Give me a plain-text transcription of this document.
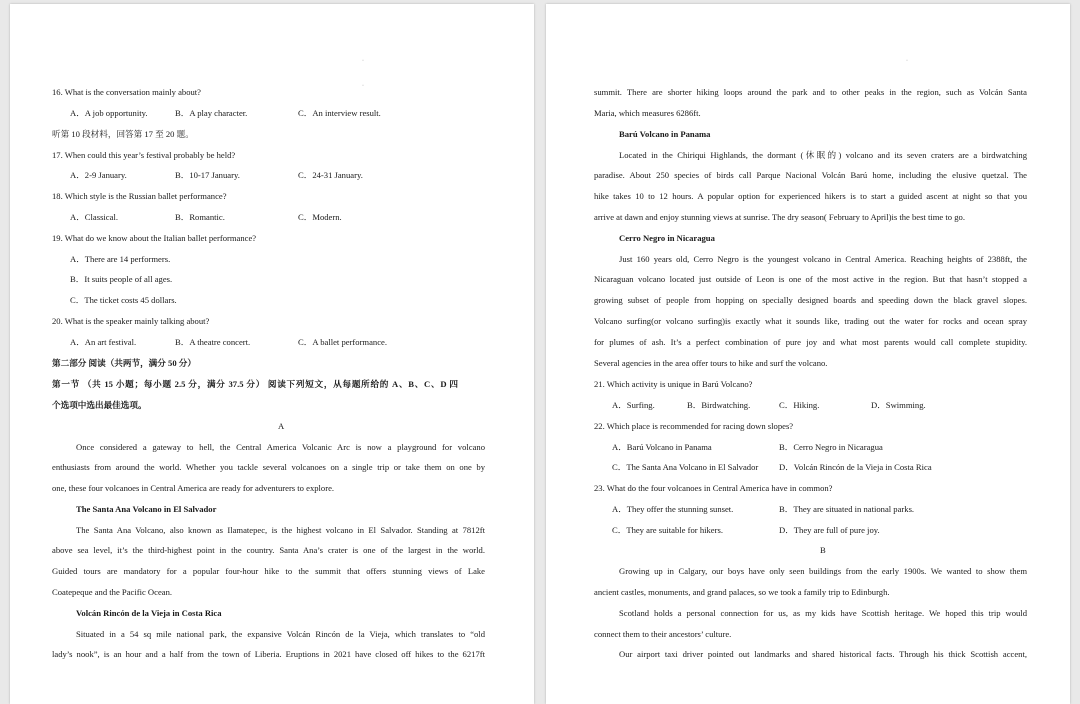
·
·
16. What is the conversation mainly about?
A．A job opportunity.	B．A play character.	C．An interview result.
听第 10 段材料，回答第 17 至 20 题。
17. When could this year’s festival probably be held?
A．2-9 January.	B．10-17 January.	C．24-31 January.
18. Which style is the Russian ballet performance?
A．Classical.	B．Romantic.	C．Modern.
19. What do we know about the Italian ballet performance?
A．There are 14 performers.
B．It suits people of all ages.
C．The ticket costs 45 dollars.
20. What is the speaker mainly talking about?
A．An art festival.	B．A theatre concert.	C．A ballet performance.
第二部分 阅读（共两节，满分 50 分）
第一节 （共 15 小题；每小题 2.5 分，满分 37.5 分） 阅读下列短文，从每题所给的 A、B、C、D 四
个选项中选出最佳选项。
A
Once considered a gateway to hell, the Central America Volcanic Arc is now a playground for volcano
enthusiasts from around the world. Whether you tackle several volcanoes on a single trip or take them on one by
one, these four volcanoes in Central America are ready for adventurers to explore.
The Santa Ana Volcano in El Salvador
The Santa Ana Volcano, also known as Ilamatepec, is the highest volcano in El Salvador. Standing at 7812ft
above sea level, it’s the third-highest point in the country. Santa Ana’s crater is one of the largest in the world.
Guided tours are mandatory for a popular four-hour hike to the summit that offers stunning views of Lake
Coatepeque and the Pacific Ocean.
Volcán Rincón de la Vieja in Costa Rica
Situated in a 54 sq mile national park, the expansive Volcán Rincón de la Vieja, which translates to “old
lady’s nook”, is an hour and a half from the town of Liberia. Eruptions in 2021 have closed off hikes to the 6217ft
·
summit. There are shorter hiking loops around the park and to other peaks in the region, such as Volcán Santa
Maria, which measures 6286ft.
Barú Volcano in Panama
Located in the Chiriqui Highlands, the dormant (休眠的) volcano and its seven craters are a birdwatching
paradise. About 250 species of birds call Parque Nacional Volcán Barú home, including the elusive quetzal. The
hike takes 10 to 12 hours. A popular option for experienced hikers is to start a guided ascent at night so that you
arrive at dawn and enjoy stunning views at sunrise. The dry season( February to April)is the best time to go.
Cerro Negro in Nicaragua
Just 160 years old, Cerro Negro is the youngest volcano in Central America. Reaching heights of 2388ft, the
Nicaraguan volcano located just outside of Leon is one of the most active in the region. But that hasn’t stopped a
growing subset of people from hopping on specially designed boards and speeding down the black gravel slopes.
Volcano surfing(or volcano surfing)is exactly what it sounds like, trading out the water for rocks and ocean spray
for plumes of ash. It’s a perfect combination of pure joy and what most parents would call complete stupidity.
Several agencies in the area offer tours to hike and surf the volcano.
21. Which activity is unique in Barú Volcano?
A．Surfing.	B．Birdwatching.	C．Hiking.	D．Swimming.
22. Which place is recommended for racing down slopes?
A．Barú Volcano in Panama	B．Cerro Negro in Nicaragua
C．The Santa Ana Volcano in El Salvador D．Volcán Rincón de la Vieja in Costa Rica
23. What do the four volcanoes in Central America have in common?
A．They offer the stunning sunset.	B．They are situated in national parks.
C．They are suitable for hikers.	D．They are full of pure joy.
B
Growing up in Calgary, our boys have only seen buildings from the early 1900s. We wanted to show them
ancient castles, monuments, and grand palaces, so we took a family trip to Edinburgh.
Scotland holds a personal connection for us, as my kids have Scottish heritage. We hoped this trip would
connect them to their ancestors’ culture.
Our airport taxi driver pointed out landmarks and shared historical facts. Through his thick Scottish accent,
